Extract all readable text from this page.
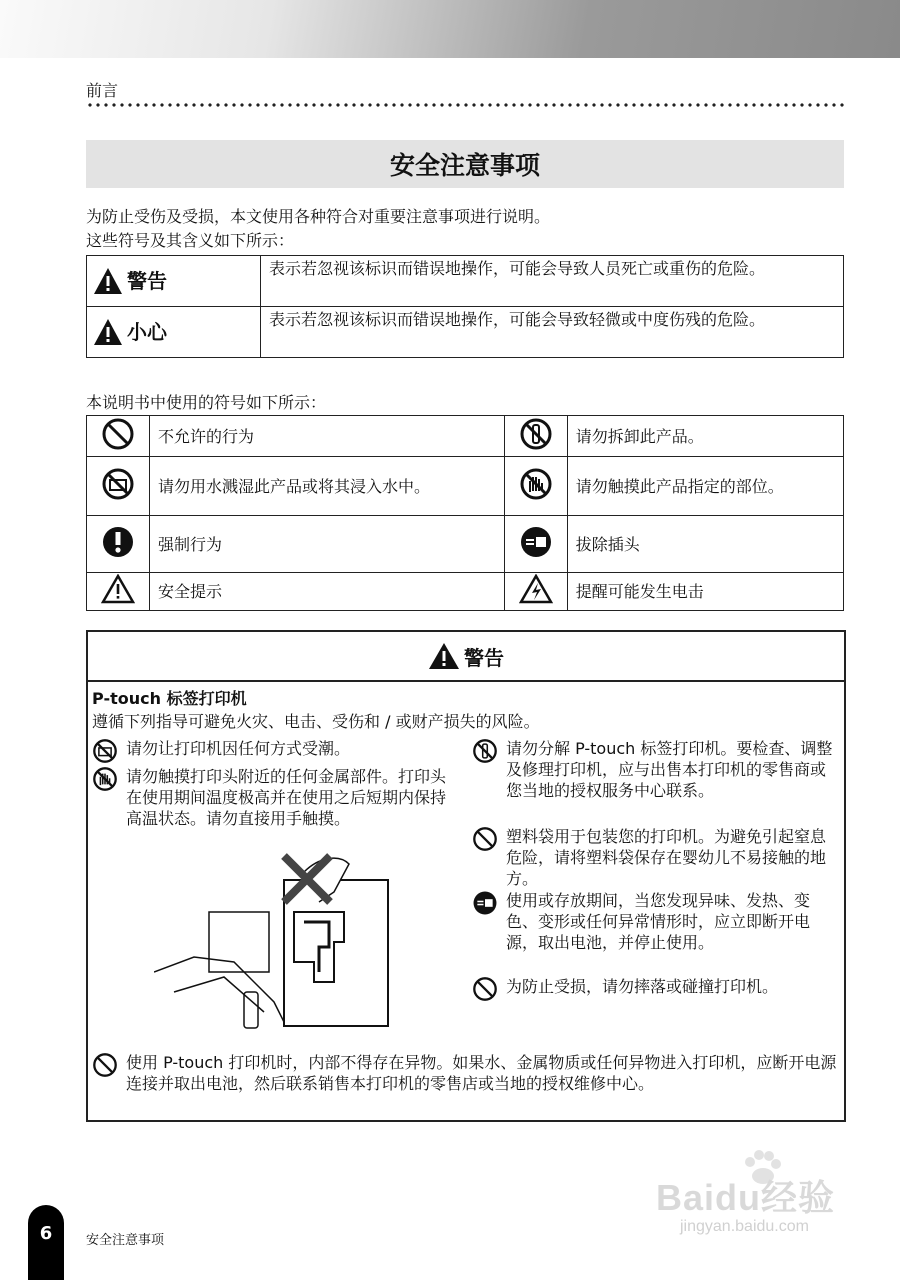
前言
安全注意事项
为防止受伤及受损，本文使用各种符合对重要注意事项进行说明。
这些符号及其含义如下所示：
警告	表示若忽视该标识而错误地操作，可能会导致人员死亡或重伤的危险。

小心	表示若忽视该标识而错误地操作，可能会导致轻微或中度伤残的危险。
本说明书中使用的符号如下所示：
	不允许的行为		请勿拆卸此产品。
	请勿用水溅湿此产品或将其浸入水中。		请勿触摸此产品指定的部位。
	强制行为		拔除插头
	安全提示		提醒可能发生电击
警告
P-touch 标签打印机
遵循下列指导可避免火灾、电击、受伤和 / 或财产损失的风险。
请勿让打印机因任何方式受潮。
请勿触摸打印头附近的任何金属部件。打印头在使用期间温度极高并在使用之后短期内保持高温状态。请勿直接用手触摸。
请勿分解 P-touch 标签打印机。要检查、调整及修理打印机，应与出售本打印机的零售商或您当地的授权服务中心联系。
塑料袋用于包装您的打印机。为避免引起窒息危险，请将塑料袋保存在婴幼儿不易接触的地方。
使用或存放期间，当您发现异味、发热、变色、变形或任何异常情形时，应立即断开电源，取出电池，并停止使用。
为防止受损，请勿摔落或碰撞打印机。
使用 P-touch 打印机时，内部不得存在异物。如果水、金属物质或任何异物进入打印机，应断开电源连接并取出电池，然后联系销售本打印机的零售店或当地的授权维修中心。
Baidu经验
jingyan.baidu.com
6	安全注意事项
